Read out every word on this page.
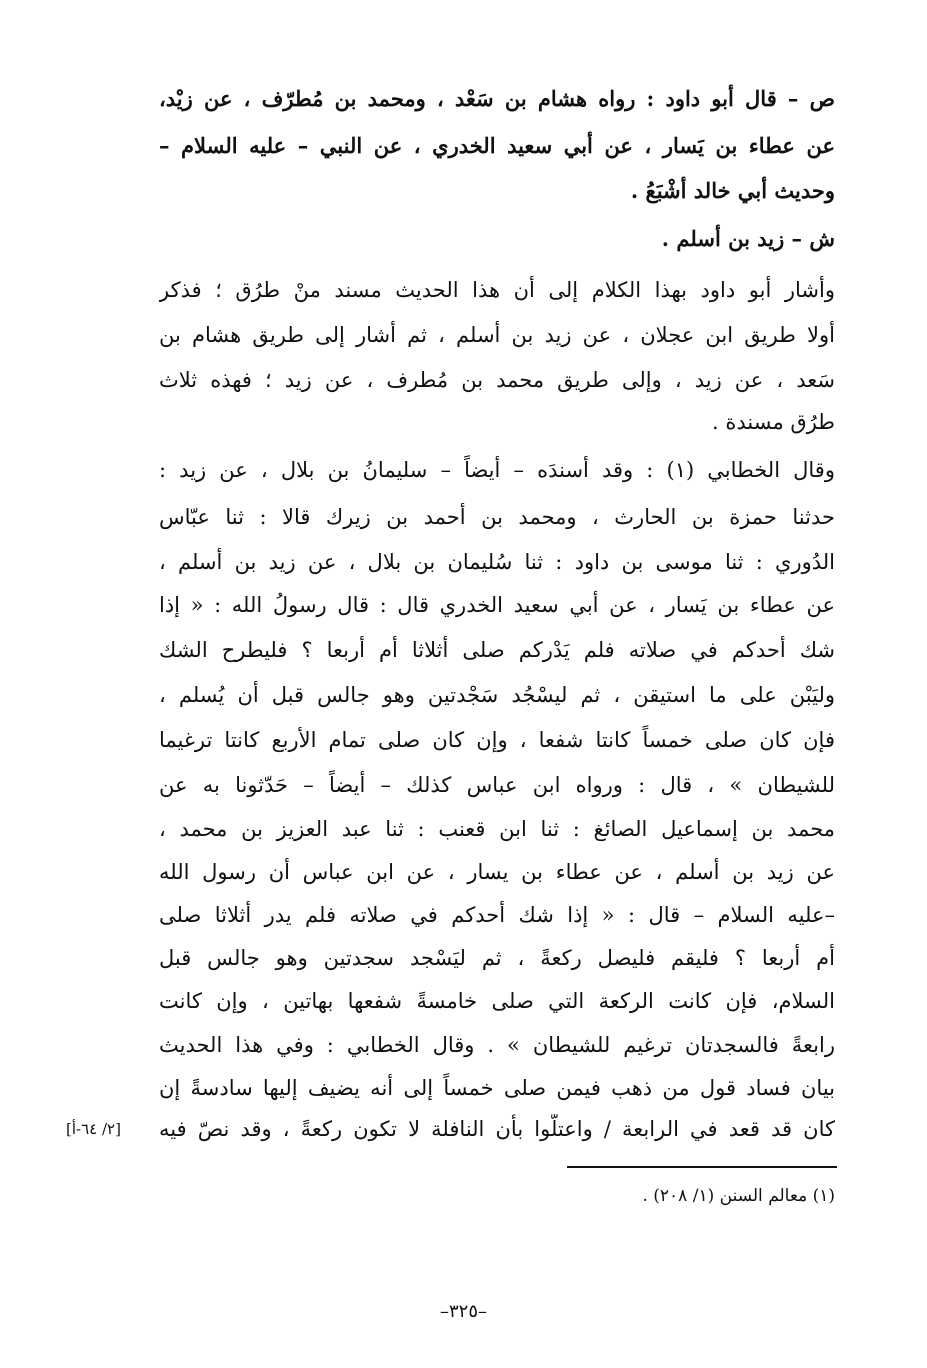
ص – قال أبو داود : رواه هشام بن سَعْد ، ومحمد بن مُطرّف ، عن زيْد،
عن عطاء بن يَسار ، عن أبي سعيد الخدري ، عن النبي – عليه السلام –
وحديث أبي خالد أشْبَعُ .
ش – زيد بن أسلم .
وأشار أبو داود بهذا الكلام إلى أن هذا الحديث مسند منْ طرُق ؛ فذكر
أولا طريق ابن عجلان ، عن زيد بن أسلم ، ثم أشار إلى طريق هشام بن
سَعد ، عن زيد ، وإلى طريق محمد بن مُطرف ، عن زيد ؛ فهذه ثلاث
طرُق مسندة .
وقال الخطابي (١) : وقد أسندَه – أيضاً – سليمانُ بن بلال ، عن زيد :
حدثنا حمزة بن الحارث ، ومحمد بن أحمد بن زيرك قالا : ثنا عبّاس
الدُوري : ثنا موسى بن داود : ثنا سُليمان بن بلال ، عن زيد بن أسلم ،
عن عطاء بن يَسار ، عن أبي سعيد الخدري قال : قال رسولُ الله : « إذا
شك أحدكم في صلاته فلم يَدْركم صلى أثلاثا أم أربعا ؟ فليطرح الشك
وليَبْن على ما استيقن ، ثم ليسْجُد سَجْدتين وهو جالس قبل أن يُسلم ،
فإن كان صلى خمساً كانتا شفعا ، وإن كان صلى تمام الأربع كانتا ترغيما
للشيطان » ، قال : ورواه ابن عباس كذلك – أيضاً – حَدّثونا به عن
محمد بن إسماعيل الصائغ : ثنا ابن قعنب : ثنا عبد العزيز بن محمد ،
عن زيد بن أسلم ، عن عطاء بن يسار ، عن ابن عباس أن رسول الله
–عليه السلام – قال : « إذا شك أحدكم في صلاته فلم يدر أثلاثا صلى
أم أربعا ؟ فليقم فليصل ركعةً ، ثم ليَسْجد سجدتين وهو جالس قبل
السلام، فإن كانت الركعة التي صلى خامسةً شفعها بهاتين ، وإن كانت
رابعةً فالسجدتان ترغيم للشيطان » . وقال الخطابي : وفي هذا الحديث
بيان فساد قول من ذهب فيمن صلى خمساً إلى أنه يضيف إليها سادسةً إن
كان قد قعد في الرابعة / واعتلّوا بأن النافلة لا تكون ركعةً ، وقد نصّ فيه
[٢/ ٦٤-أ]
(١) معالم السنن (١/ ٢٠٨) .
–٣٢٥–
